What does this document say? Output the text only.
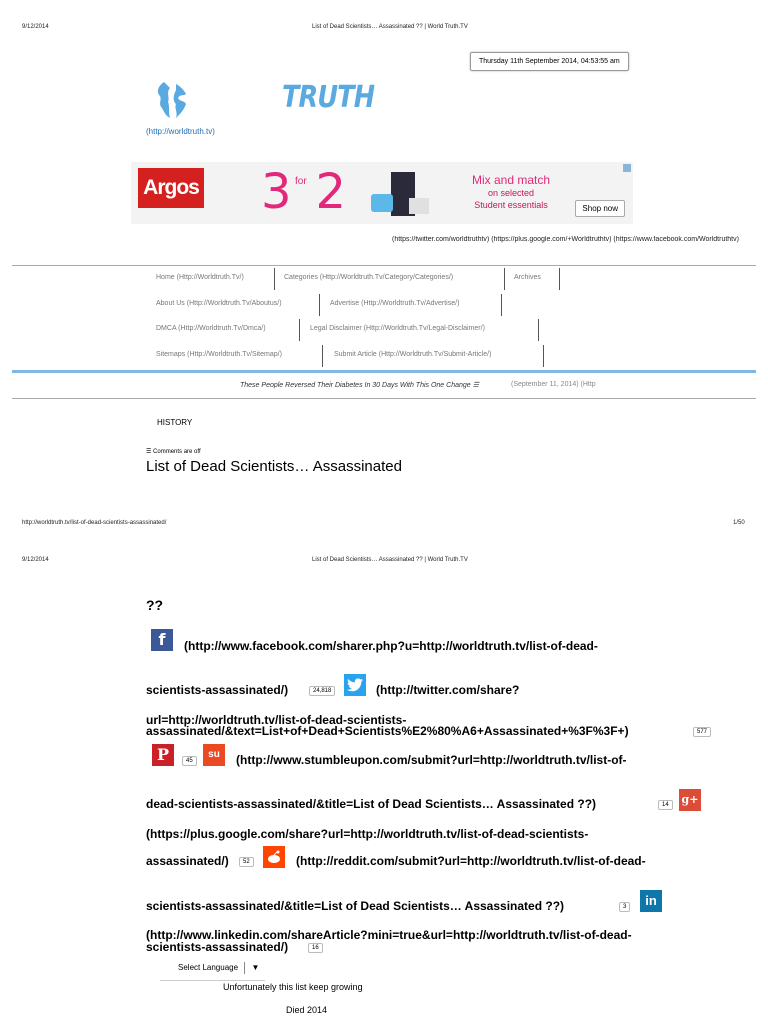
9/12/2014	List of Dead Scientists… Assassinated ?? | World Truth.TV
Thursday 11th September 2014, 04:53:55 am
TRUTH
(http://worldtruth.tv)
Argos 3 2
for	Mix and match
on selected
Student essentials	Shop now
(https://twitter.com/worldtruthtv) (https://plus.google.com/+Worldtruthtv) (https://www.facebook.com/Worldtruthtv)
Home (Http://Worldtruth.Tv/)	Categories (Http://Worldtruth.Tv/Category/Categories/)	Archives
About Us (Http://Worldtruth.Tv/Aboutus/)	Advertise (Http://Worldtruth.Tv/Advertise/)
DMCA (Http://Worldtruth.Tv/Dmca/)	Legal Disclaimer (Http://Worldtruth.Tv/Legal-Disclaimer/)
Sitemaps (Http://Worldtruth.Tv/Sitemap/)	Submit Article (Http://Worldtruth.Tv/Submit-Article/)
These People Reversed Their Diabetes In 30 Days With This One Change ☰	(September 11, 2014) (Http
HISTORY
☰ Comments are off
List of Dead Scientists… Assassinated
http://worldtruth.tv/list-of-dead-scientists-assassinated/	1/50
9/12/2014	List of Dead Scientists… Assassinated ?? | World Truth.TV
??
f	(http://www.facebook.com/sharer.php?u=http://worldtruth.tv/list-of-dead-
scientists-assassinated/)	24,818	(http://twitter.com/share?
url=http://worldtruth.tv/list-of-dead-scientists-
assassinated/&text=List+of+Dead+Scientists%E2%80%A6+Assassinated+%3F%3F+)	577
P	45
su	(http://www.stumbleupon.com/submit?url=http://worldtruth.tv/list-of-
dead-scientists-assassinated/&title=List of Dead Scientists… Assassinated ??)	14	g+
(https://plus.google.com/share?url=http://worldtruth.tv/list-of-dead-scientists-
assassinated/)	52	(http://reddit.com/submit?url=http://worldtruth.tv/list-of-dead-
scientists-assassinated/&title=List of Dead Scientists… Assassinated ??)	3	in
(http://www.linkedin.com/shareArticle?mini=true&url=http://worldtruth.tv/list-of-dead-
scientists-assassinated/)	16
Select Language ▼
Unfortunately this list keep growing
Died 2014
